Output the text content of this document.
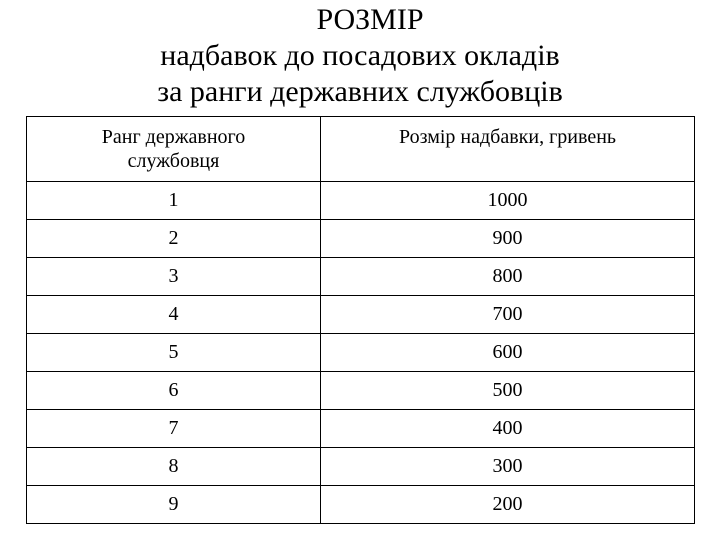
РОЗМІР
надбавок до посадових окладів
за ранги державних службовців
Ранг державного
службовця	Розмір надбавки, гривень
1	1000
2	900
3	800
4	700
5	600
6	500
7	400
8	300
9	200
